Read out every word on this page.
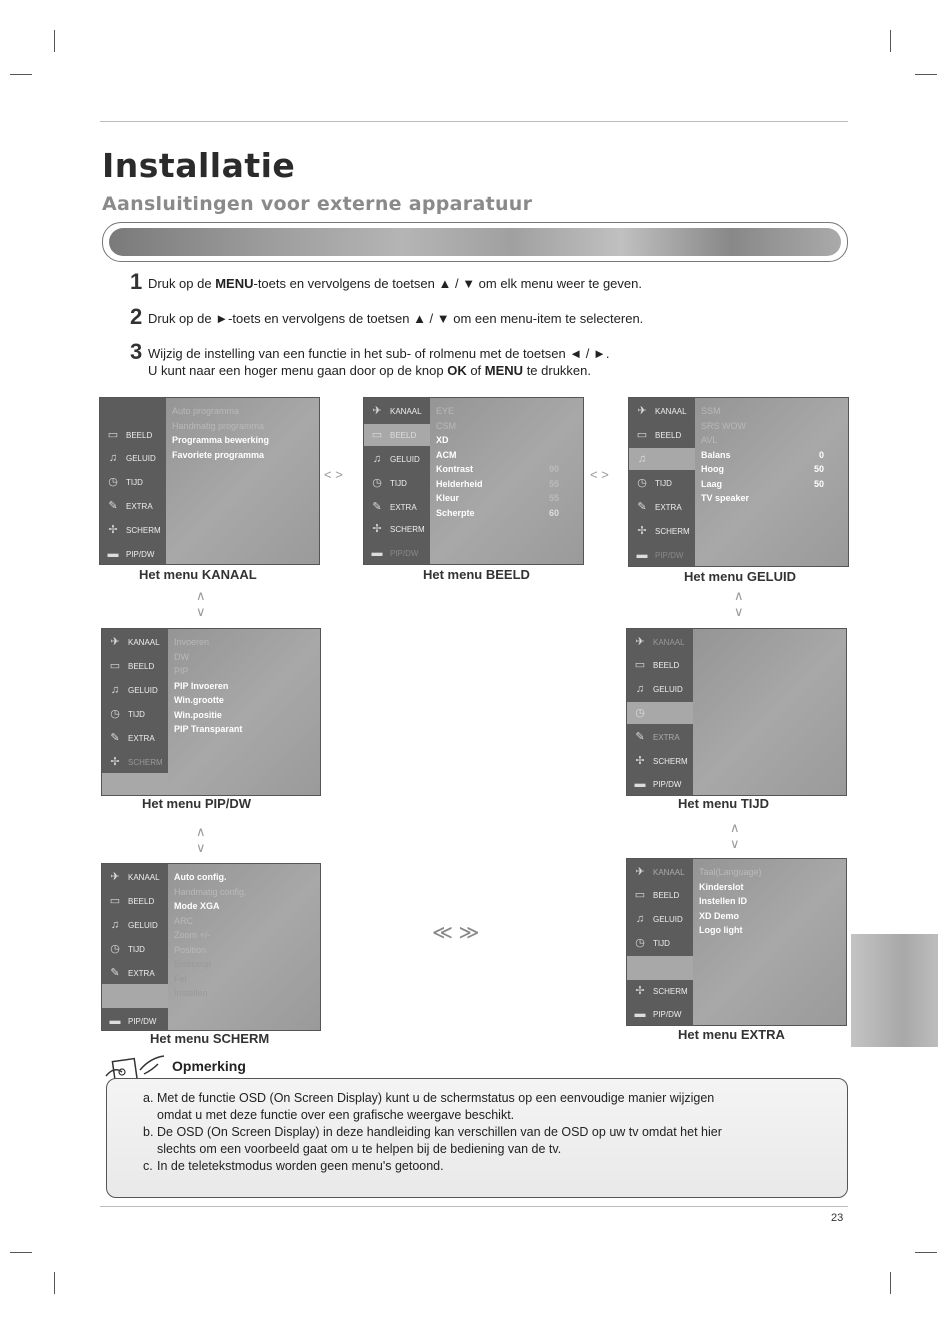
Installatie
Aansluitingen voor externe apparatuur
1 Druk op de MENU-toets en vervolgens de toetsen ▲ / ▼ om elk menu weer te geven.
2 Druk op de ►-toets en vervolgens de toetsen ▲ / ▼ om een menu-item te selecteren.
3 Wijzig de instelling van een functie in het sub- of rolmenu met de toetsen ◄ / ►.
U kunt naar een hoger menu gaan door op de knop OK of MENU te drukken.
▭ BEELD
♫	GELUID
◷ TIJD
✎ EXTRA
✢ SCHERM
▬ PIP/DW
Auto programma
Handmatig programma
Programma bewerking
Favoriete programma
Het menu KANAAL
< >
✈ KANAAL
▭ BEELD
♫	GELUID
◷ TIJD
✎ EXTRA
✢ SCHERM
▬ PIP/DW
EYE
CSM
XD
ACM
Kontrast	90
Helderheid	55
Kleur	55
Scherpte	60
Het menu BEELD
< >
✈ KANAAL
▭ BEELD
♫
◷ TIJD
✎ EXTRA
✢ SCHERM
▬ PIP/DW
SSM
SRS WOW
AVL
Balans	0
Hoog	50
Laag	50
TV speaker
Het menu GELUID
∧
∨
∧
∨
✈ KANAAL
▭ BEELD
♫	GELUID
◷ TIJD
✎ EXTRA
✢ SCHERM
Invoeren
DW
PIP
PIP Invoeren
Win.grootte
Win.positie
PIP Transparant
Het menu PIP/DW
✈ KANAAL
▭ BEELD
♫	GELUID
◷
✎ EXTRA
✢ SCHERM
▬ PIP/DW
Het menu TIJD
∧
∨
∧
∨
✈ KANAAL
▭ BEELD
♫	GELUID
◷ TIJD
✎ EXTRA
▬ PIP/DW
Auto config.
Handmatig config.
Mode XGA
ARC
Zoom +/-
Position
Bioscoop
Fel
Instellen
Het menu SCHERM
≪ ≫
✈ KANAAL
▭ BEELD
♫	GELUID
◷ TIJD
✢ SCHERM
▬ PIP/DW
Taal(Language)
Kinderslot
Instellen ID
XD Demo
Logo light
Het menu EXTRA
Opmerking
a. Met de functie OSD (On Screen Display) kunt u de schermstatus op een eenvoudige manier wijzigen
omdat u met deze functie over een grafische weergave beschikt.
b. De OSD (On Screen Display) in deze handleiding kan verschillen van de OSD op uw tv omdat het hier
slechts om een voorbeeld gaat om u te helpen bij de bediening van de tv.
c. In de teletekstmodus worden geen menu's getoond.
23
